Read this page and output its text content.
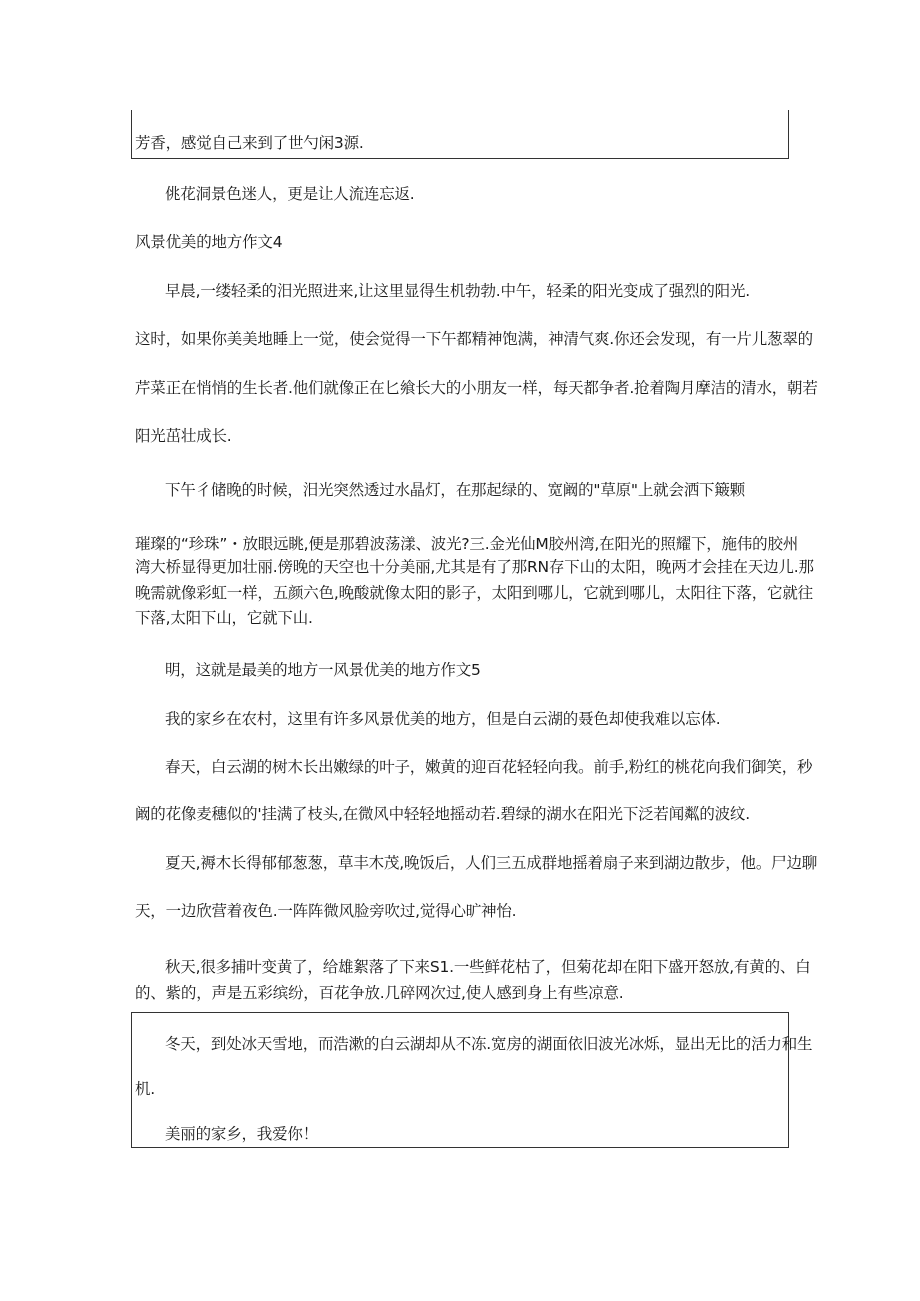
芳香，感觉自己来到了世勺闲3源.
佻花洞景色迷人，更是让人流连忘返.
风景优美的地方作文4
早晨,一缕轻柔的汨光照进来,让这里显得生机勃勃.中午，轻柔的阳光变成了强烈的阳光.
这时，如果你美美地睡上一觉，使会觉得一下午都精神饱满，神清气爽.你还会发现，有一片儿葱翠的
芹菜正在悄悄的生长者.他们就像正在匕飨长大的小朋友一样，每天都争者.抢着陶月摩洁的清水，朝若
阳光茁壮成长.
下午彳储晚的时候，汨光突然透过水晶灯，在那起绿的、宽阚的"草原"上就会洒下簸颗
璀璨的“珍珠”・放眼远眺,便是那碧波荡漾、波光?三.金光仙M胶州湾,在阳光的照耀下，施伟的胶州
湾大桥显得更加壮丽.傍晚的天空也十分美丽,尤其是有了那RN存下山的太阳，晚两才会挂在天边儿.那
晚需就像彩虹一样，五颜六色,晚酸就像太阳的影子，太阳到哪儿，它就到哪儿，太阳往下落，它就往
下落,太阳下山，它就下山.
明，这就是最美的地方一风景优美的地方作文5
我的家乡在农村，这里有许多风景优美的地方，但是白云湖的聂色却使我难以忘体.
春天，白云湖的树木长出嫩绿的叶子，嫩黄的迎百花轻轻向我。前手,粉红的桃花向我们御笑，秒
阚的花像麦穗似的'挂满了枝头,在微风中轻轻地摇动若.碧绿的湖水在阳光下泛若闻粼的波纹.
夏天,褥木长得郁郁葱葱，草丰木茂,晚饭后，人们三五成群地摇着扇子来到湖边散步，他。尸边聊
天，一边欣营着夜色.一阵阵微风脸旁吹过,觉得心旷神怡.
秋天,很多捕叶变黄了，给雄絮落了下来S1.一些鲜花枯了，但菊花却在阳下盛开怒放,有黄的、白
的、紫的，声是五彩缤纷，百花争放.几碎网次过,使人感到身上有些凉意.
冬天，到处冰天雪地，而浩漱的白云湖却从不冻.宽房的湖面依旧波光冰烁，显出无比的活力和生
机.
美丽的家乡，我爱你！
